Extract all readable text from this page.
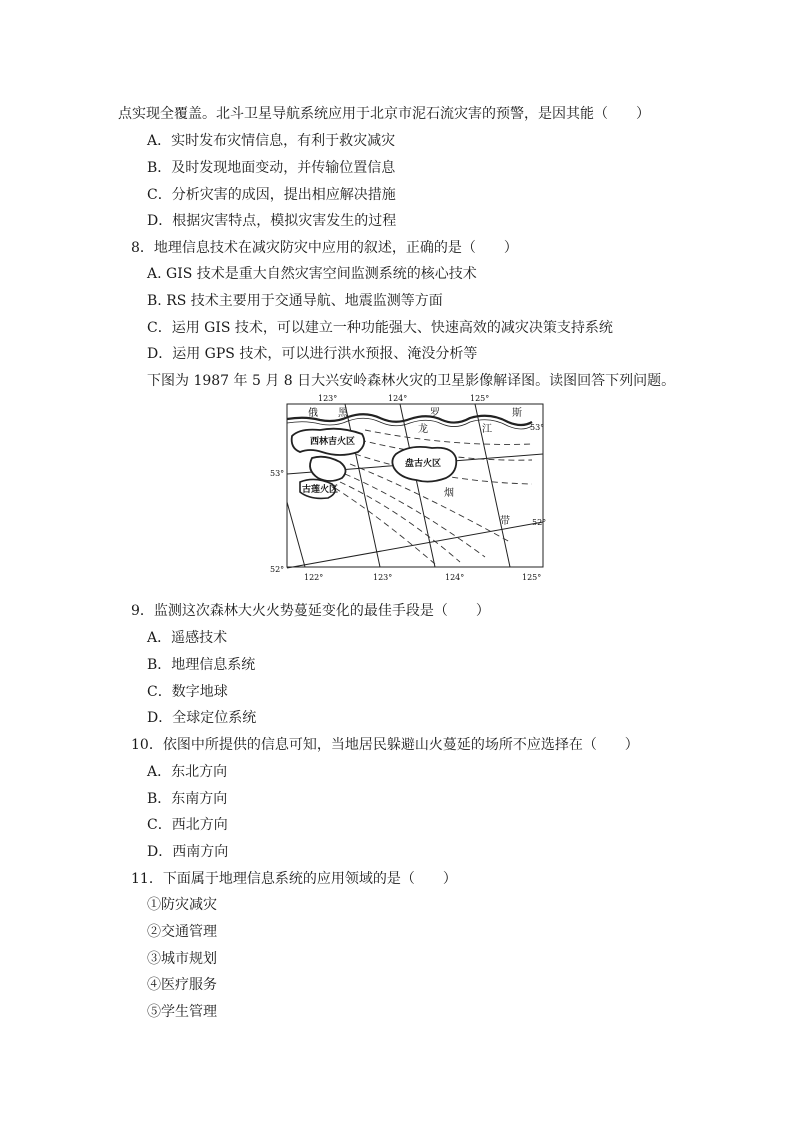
点实现全覆盖。北斗卫星导航系统应用于北京市泥石流灾害的预警，是因其能（　　）
A．实时发布灾情信息，有利于救灾减灾
B．及时发现地面变动，并传输位置信息
C．分析灾害的成因，提出相应解决措施
D．根据灾害特点，模拟灾害发生的过程
8．地理信息技术在减灾防灾中应用的叙述，正确的是（　　）
A. GIS 技术是重大自然灾害空间监测系统的核心技术
B. RS 技术主要用于交通导航、地震监测等方面
C．运用 GIS 技术，可以建立一种功能强大、快速高效的减灾决策支持系统
D．运用 GPS 技术，可以进行洪水预报、淹没分析等
下图为 1987 年 5 月 8 日大兴安岭森林火灾的卫星影像解译图。读图回答下列问题。
123°	124°	125°
122°	123°	124°	125°
53°
52°
53°
52°
俄 黑	罗	斯
龙	江
西林吉火区
盘古火区
古莲火区	烟
带
9．监测这次森林大火火势蔓延变化的最佳手段是（　　）
A．遥感技术
B．地理信息系统
C．数字地球
D．全球定位系统
10．依图中所提供的信息可知，当地居民躲避山火蔓延的场所不应选择在（　　）
A．东北方向
B．东南方向
C．西北方向
D．西南方向
11．下面属于地理信息系统的应用领域的是（　　）
①防灾减灾
②交通管理
③城市规划
④医疗服务
⑤学生管理
